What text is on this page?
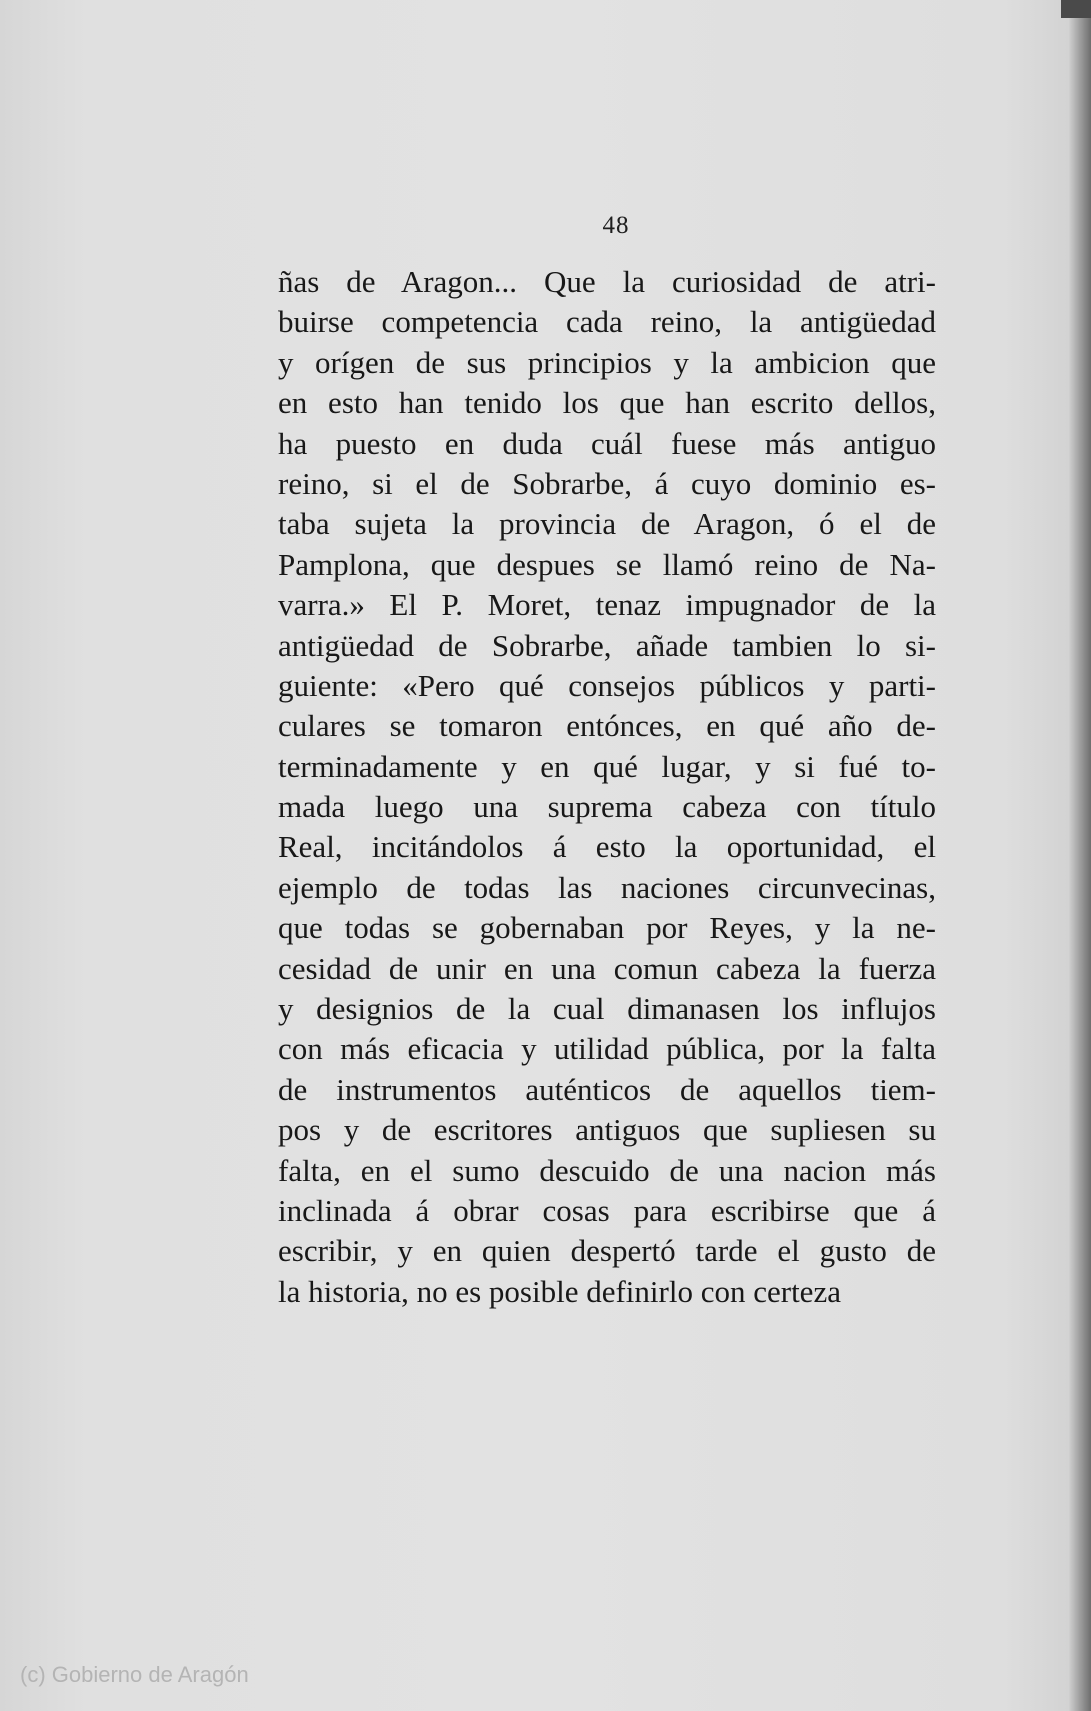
48
ñas de Aragon... Que la curiosidad de atri-
buirse competencia cada reino, la antigüedad
y orígen de sus principios y la ambicion que
en esto han tenido los que han escrito dellos,
ha puesto en duda cuál fuese más antiguo
reino, si el de Sobrarbe, á cuyo dominio es-
taba sujeta la provincia de Aragon, ó el de
Pamplona, que despues se llamó reino de Na-
varra.» El P. Moret, tenaz impugnador de la
antigüedad de Sobrarbe, añade tambien lo si-
guiente: «Pero qué consejos públicos y parti-
culares se tomaron entónces, en qué año de-
terminadamente y en qué lugar, y si fué to-
mada luego una suprema cabeza con título
Real, incitándolos á esto la oportunidad, el
ejemplo de todas las naciones circunvecinas,
que todas se gobernaban por Reyes, y la ne-
cesidad de unir en una comun cabeza la fuerza
y designios de la cual dimanasen los influjos
con más eficacia y utilidad pública, por la falta
de instrumentos auténticos de aquellos tiem-
pos y de escritores antiguos que supliesen su
falta, en el sumo descuido de una nacion más
inclinada á obrar cosas para escribirse que á
escribir, y en quien despertó tarde el gusto de
la historia, no es posible definirlo con certeza
(c) Gobierno de Aragón
